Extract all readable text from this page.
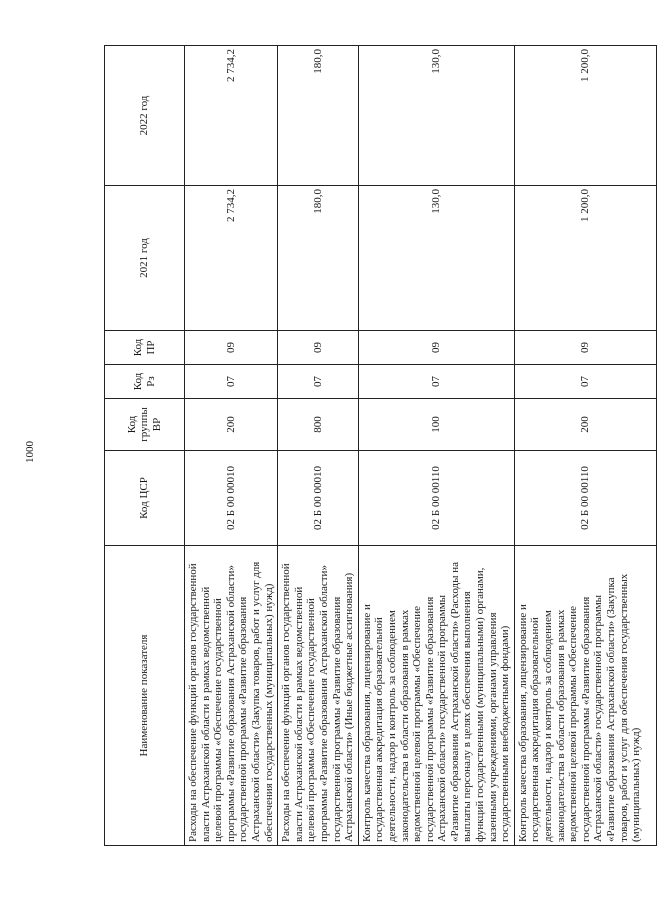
1000
Наименование показателя	Код ЦСР	Код группы ВР	Код Рз	Код ПР	2021 год	2022 год
Расходы на обеспечение функций органов государственной власти Астраханской области в рамках ведомственной целевой программы «Обеспечение государственной программы «Развитие образования Астраханской области» государственной программы «Развитие образования Астраханской области» (Закупка товаров, работ и услуг для обеспечения государственных (муниципальных) нужд)	02 Б 00 00010	200	07	09	2 734,2	2 734,2
Расходы на обеспечение функций органов государственной власти Астраханской области в рамках ведомственной целевой программы «Обеспечение государственной программы «Развитие образования Астраханской области» государственной программы «Развитие образования Астраханской области» (Иные бюджетные ассигнования)	02 Б 00 00010	800	07	09	180,0	180,0
Контроль качества образования, лицензирование и государственная аккредитация образовательной деятельности, надзор и контроль за соблюдением законодательства в области образования в рамках ведомственной целевой программы «Обеспечение государственной программы «Развитие образования Астраханской области» государственной программы «Развитие образования Астраханской области» (Расходы на выплаты персоналу в целях обеспечения выполнения функций государственными (муниципальными) органами, казенными учреждениями, органами управления государственными внебюджетными фондами)	02 Б 00 00110	100	07	09	130,0	130,0
Контроль качества образования, лицензирование и государственная аккредитация образовательной деятельности, надзор и контроль за соблюдением законодательства в области образования в рамках ведомственной целевой программы «Обеспечение государственной программы «Развитие образования Астраханской области» государственной программы «Развитие образования Астраханской области» (Закупка товаров, работ и услуг для обеспечения государственных (муниципальных) нужд)	02 Б 00 00110	200	07	09	1 200,0	1 200,0
